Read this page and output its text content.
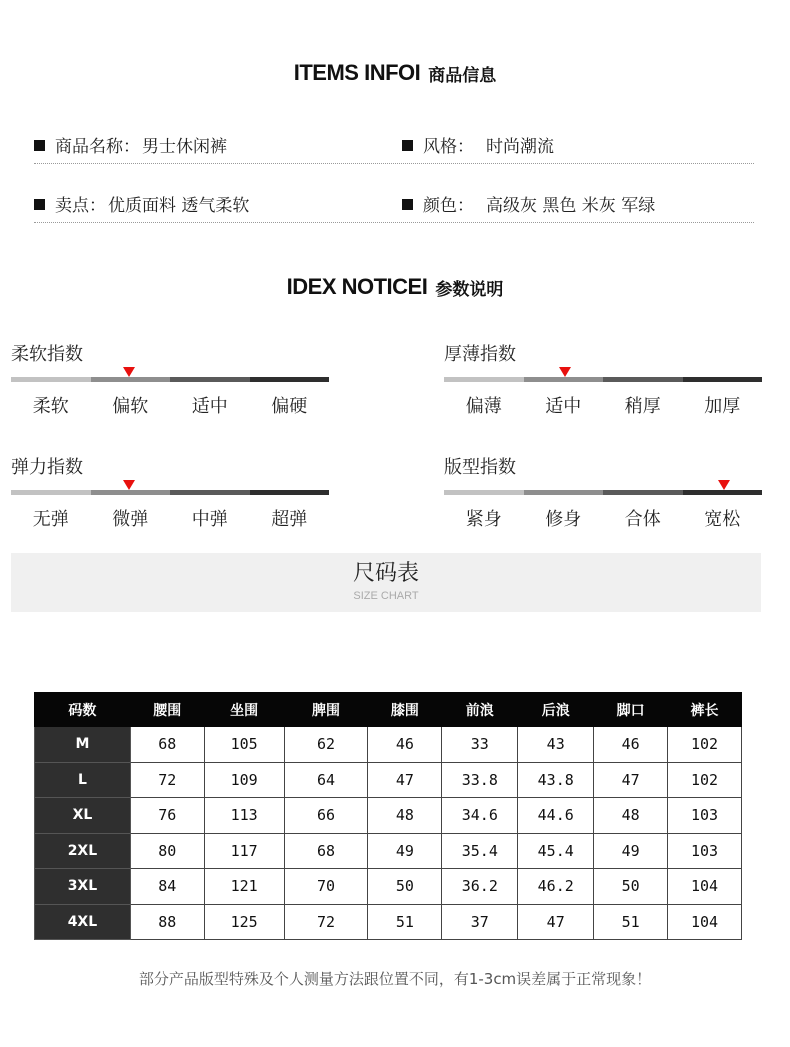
ITEMS INFOI 商品信息
商品名称： 男士休闲裤	风格： 时尚潮流
卖点： 优质面料 透气柔软	颜色： 高级灰 黑色 米灰 军绿
IDEX NOTICEI 参数说明
柔软指数
柔软	偏软	适中	偏硬
厚薄指数
偏薄	适中	稍厚	加厚
弹力指数
无弹	微弹	中弹	超弹
版型指数
紧身	修身	合体	宽松
尺码表
SIZE CHART
码数	腰围	坐围	脾围	膝围	前浪	后浪	脚口	裤长
M	68	105	62	46	33	43	46	102
L	72	109	64	47	33.8	43.8	47	102
XL	76	113	66	48	34.6	44.6	48	103
2XL	80	117	68	49	35.4	45.4	49	103
3XL	84	121	70	50	36.2	46.2	50	104
4XL	88	125	72	51	37	47	51	104
部分产品版型特殊及个人测量方法跟位置不同，有1-3cm误差属于正常现象！
